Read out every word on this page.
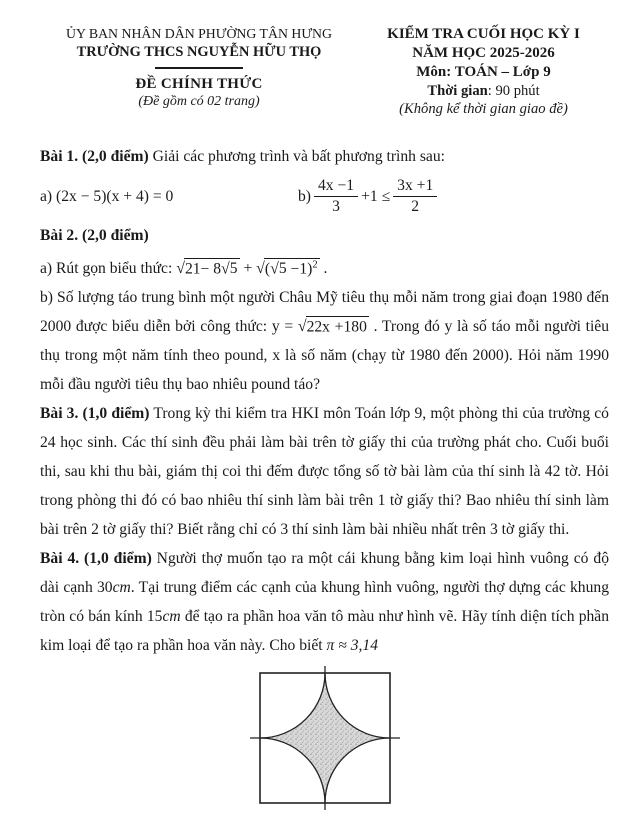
ỦY BAN NHÂN DÂN PHƯỜNG TÂN HƯNG
TRƯỜNG THCS NGUYỄN HỮU THỌ
ĐỀ CHÍNH THỨC
(Đề gồm có 02 trang)
KIỂM TRA CUỐI HỌC KỲ I
NĂM HỌC 2025-2026
Môn: TOÁN – Lớp 9
Thời gian: 90 phút
(Không kể thời gian giao đề)

Bài 1. (2,0 điểm) Giải các phương trình và bất phương trình sau:

a) (2x − 5)(x + 4) = 0	$b) \frac{4x -1}{3} +1 \le \frac{3x +1}{2}$

Bài 2. (2,0 điểm)

a) Rút gọn biểu thức: $√21- 8√5 + √(√5 -1)^2$ .

b) Số lượng táo trung bình một người Châu Mỹ tiêu thụ mỗi năm trong giai đoạn 1980 đến 2000 được biểu diễn bởi công thức: y = √22x +180 . Trong đó y là số táo mỗi người tiêu thụ trong một năm tính theo pound, x là số năm (chạy từ 1980 đến 2000). Hỏi năm 1990 mỗi đầu người tiêu thụ bao nhiêu pound táo?

Bài 3. (1,0 điểm) Trong kỳ thi kiểm tra HKI môn Toán lớp 9, một phòng thi của trường có 24 học sinh. Các thí sinh đều phải làm bài trên tờ giấy thi của trường phát cho. Cuối buổi thi, sau khi thu bài, giám thị coi thi đếm được tổng số tờ bài làm của thí sinh là 42 tờ. Hỏi trong phòng thi đó có bao nhiêu thí sinh làm bài trên 1 tờ giấy thi? Bao nhiêu thí sinh làm bài trên 2 tờ giấy thi? Biết rằng chỉ có 3 thí sinh làm bài nhiều nhất trên 3 tờ giấy thi.

Bài 4. (1,0 điểm) Người thợ muốn tạo ra một cái khung bằng kim loại hình vuông có độ dài cạnh 30cm. Tại trung điểm các cạnh của khung hình vuông, người thợ dựng các khung tròn có bán kính 15cm để tạo ra phần hoa văn tô màu như hình vẽ. Hãy tính diện tích phần kim loại để tạo ra phần hoa văn này. Cho biết π ≈ 3,14
